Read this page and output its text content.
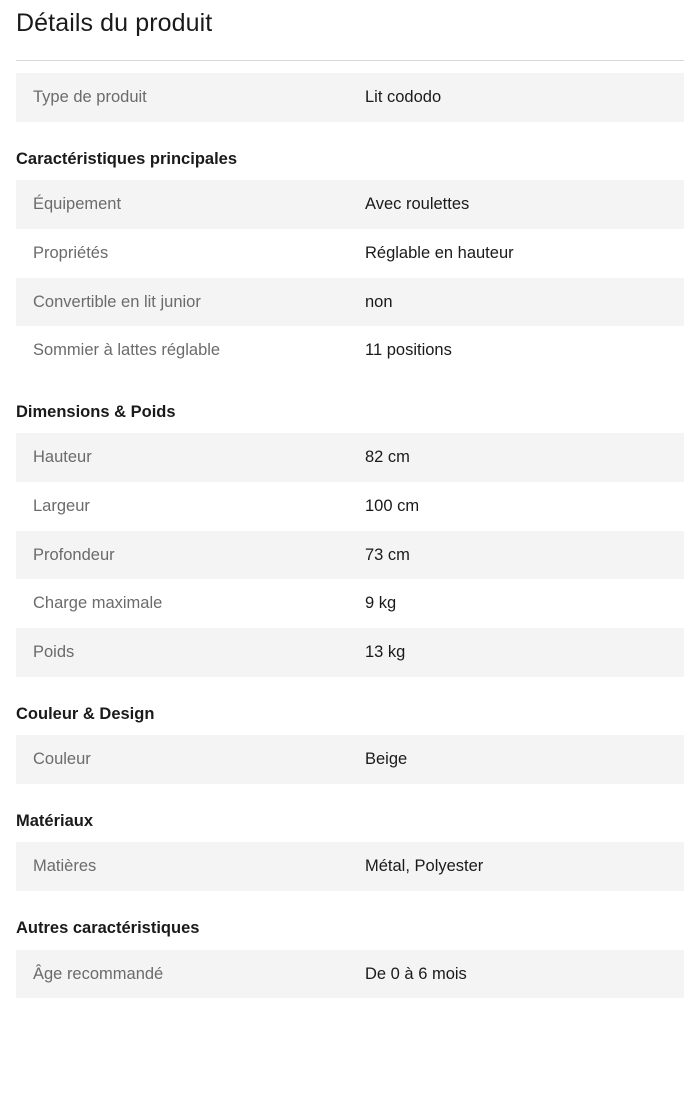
Détails du produit
Type de produit	Lit cododo
Caractéristiques principales
Équipement	Avec roulettes
Propriétés	Réglable en hauteur
Convertible en lit junior	non
Sommier à lattes réglable	11 positions
Dimensions & Poids
Hauteur	82 cm
Largeur	100 cm
Profondeur	73 cm
Charge maximale	9 kg
Poids	13 kg
Couleur & Design
Couleur	Beige
Matériaux
Matières	Métal, Polyester
Autres caractéristiques
Âge recommandé	De 0 à 6 mois
